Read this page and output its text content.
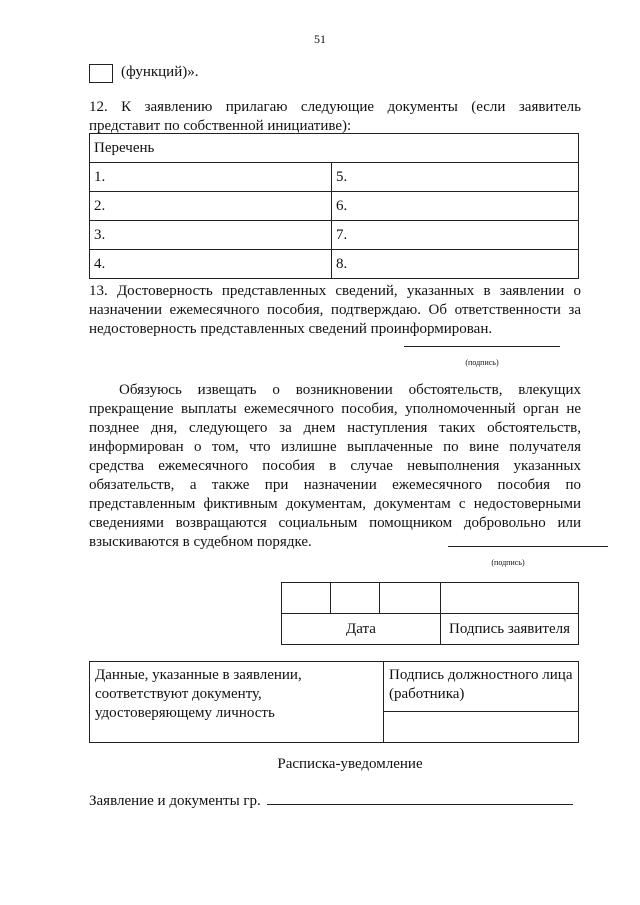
51
(функций)».
12. К заявлению прилагаю следующие документы (если заявитель представит по собственной инициативе):
Перечень	
1.	5.
2.	6.
3.	7.
4.	8.
13. Достоверность представленных сведений, указанных в заявлении о назначении ежемесячного пособия, подтверждаю. Об ответственности за недостоверность представленных сведений проинформирован.
(подпись)
Обязуюсь извещать о возникновении обстоятельств, влекущих прекращение выплаты ежемесячного пособия, уполномоченный орган не позднее дня, следующего за днем наступления таких обстоятельств, информирован о том, что излишне выплаченные по вине получателя средства ежемесячного пособия в случае невыполнения указанных обязательств, а также при назначении ежемесячного пособия по представленным фиктивным документам, документам с недостоверными сведениями возвращаются социальным помощником добровольно или взыскиваются в судебном порядке.
(подпись)

Дата			Подпись заявителя
Данные, указанные в заявлении, соответствуют документу, удостоверяющему личность	Подпись должностного лица (работника)

Расписка-уведомление
Заявление и документы гр.
